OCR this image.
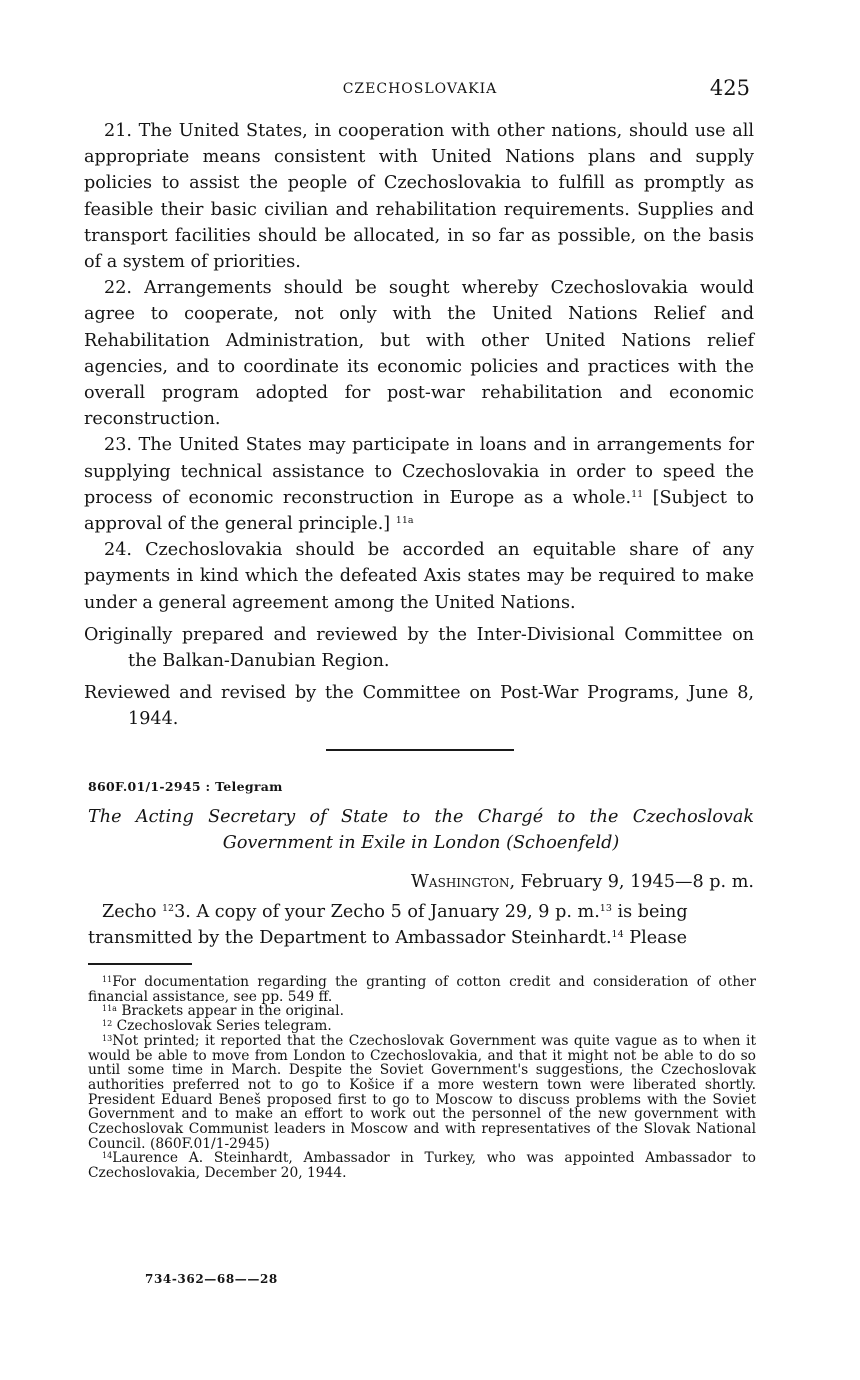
CZECHOSLOVAKIA	425

21. The United States, in cooperation with other nations, should use all appropriate means consistent with United Nations plans and supply policies to assist the people of Czechoslovakia to fulfill as promptly as feasible their basic civilian and rehabilitation requirements. Supplies and transport facilities should be allocated, in so far as possible, on the basis of a system of priorities.

22. Arrangements should be sought whereby Czechoslovakia would agree to cooperate, not only with the United Nations Relief and Rehabilitation Administration, but with other United Nations relief agencies, and to coordinate its economic policies and practices with the overall program adopted for post-war rehabilitation and economic reconstruction.

23. The United States may participate in loans and in arrangements for supplying technical assistance to Czechoslovakia in order to speed the process of economic reconstruction in Europe as a whole.$^{11}$ [Subject to approval of the general principle.] $^{11a}$

24. Czechoslovakia should be accorded an equitable share of any payments in kind which the defeated Axis states may be required to make under a general agreement among the United Nations.

Originally prepared and reviewed by the Inter-Divisional Committee on the Balkan-Danubian Region.

Reviewed and revised by the Committee on Post-War Programs, June 8, 1944.

860F.01/1-2945 : Telegram
The Acting Secretary of State to the Chargé to the Czechoslovak
Government in Exile in London (Schoenfeld)
Washington, February 9, 1945—8 p. m.

Zecho $^{12}$3. A copy of your Zecho 5 of January 29, 9 p. m.$^{13}$ is being
transmitted by the Department to Ambassador Steinhardt.$^{14}$ Please

$^{11}$For documentation regarding the granting of cotton credit and consideration of other financial assistance, see pp. 549 ff.

$^{11a}$ Brackets appear in the original.

$^{12}$ Czechoslovak Series telegram.

$^{13}$Not printed; it reported that the Czechoslovak Government was quite vague as to when it would be able to move from London to Czechoslovakia, and that it might not be able to do so until some time in March. Despite the Soviet Government's suggestions, the Czechoslovak authorities preferred not to go to Košice if a more western town were liberated shortly. President Eduard Beneš proposed first to go to Moscow to discuss problems with the Soviet Government and to make an effort to work out the personnel of the new government with Czechoslovak Communist leaders in Moscow and with representatives of the Slovak National Council. (860F.01/1-2945)

$^{14}$Laurence A. Steinhardt, Ambassador in Turkey, who was appointed Ambassador to Czechoslovakia, December 20, 1944.

734-362—68——28
